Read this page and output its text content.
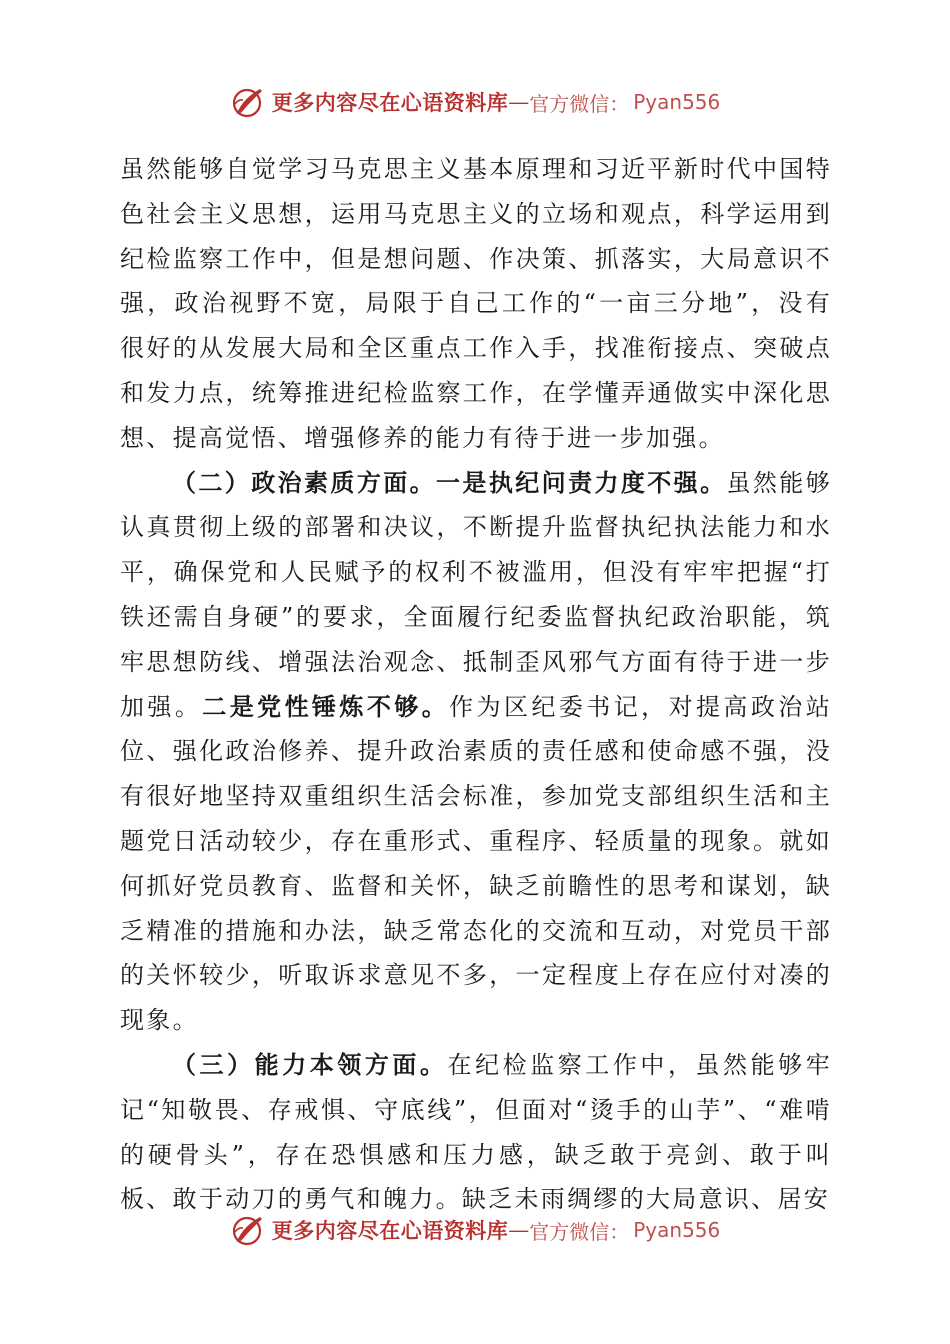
更多内容尽在心语资料库 — 官方微信： Pyan556

虽然能够自觉学习马克思主义基本原理和习近平新时代中国特色社会主义思想，运用马克思主义的立场和观点，科学运用到纪检监察工作中，但是想问题、作决策、抓落实，大局意识不强，政治视野不宽，局限于自己工作的“一亩三分地”，没有很好的从发展大局和全区重点工作入手，找准衔接点、突破点和发力点，统筹推进纪检监察工作，在学懂弄通做实中深化思想、提高觉悟、增强修养的能力有待于进一步加强。

（二）政治素质方面。一是执纪问责力度不强。虽然能够认真贯彻上级的部署和决议，不断提升监督执纪执法能力和水平，确保党和人民赋予的权利不被滥用，但没有牢牢把握“打铁还需自身硬”的要求，全面履行纪委监督执纪政治职能，筑牢思想防线、增强法治观念、抵制歪风邪气方面有待于进一步加强。二是党性锤炼不够。作为区纪委书记，对提高政治站位、强化政治修养、提升政治素质的责任感和使命感不强，没有很好地坚持双重组织生活会标准，参加党支部组织生活和主题党日活动较少，存在重形式、重程序、轻质量的现象。就如何抓好党员教育、监督和关怀，缺乏前瞻性的思考和谋划，缺乏精准的措施和办法，缺乏常态化的交流和互动，对党员干部的关怀较少，听取诉求意见不多，一定程度上存在应付对凑的现象。

（三）能力本领方面。在纪检监察工作中，虽然能够牢记“知敬畏、存戒惧、守底线”，但面对“烫手的山芋”、“难啃的硬骨头”，存在恐惧感和压力感，缺乏敢于亮剑、敢于叫板、敢于动刀的勇气和魄力。缺乏未雨绸缪的大局意识、居安

更多内容尽在心语资料库 — 官方微信： Pyan556
